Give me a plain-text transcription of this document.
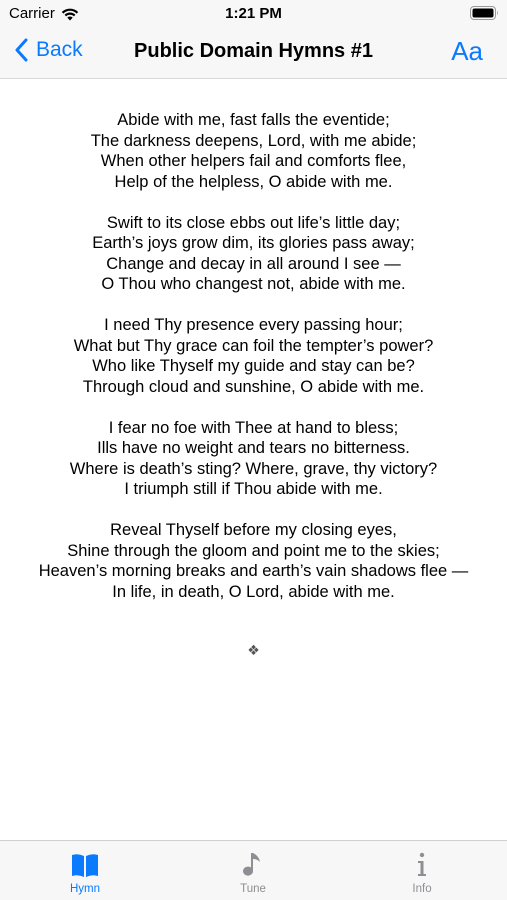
Carrier	1:21 PM
Back	Public Domain Hymns #1	Aa
Abide with me, fast falls the eventide;
The darkness deepens, Lord, with me abide;
When other helpers fail and comforts flee,
Help of the helpless, O abide with me.
Swift to its close ebbs out life’s little day;
Earth’s joys grow dim, its glories pass away;
Change and decay in all around I see —
O Thou who changest not, abide with me.
I need Thy presence every passing hour;
What but Thy grace can foil the tempter’s power?
Who like Thyself my guide and stay can be?
Through cloud and sunshine, O abide with me.
I fear no foe with Thee at hand to bless;
Ills have no weight and tears no bitterness.
Where is death’s sting? Where, grave, thy victory?
I triumph still if Thou abide with me.
Reveal Thyself before my closing eyes,
Shine through the gloom and point me to the skies;
Heaven’s morning breaks and earth’s vain shadows flee —
In life, in death, O Lord, abide with me.
❖
Hymn	Tune	Info
